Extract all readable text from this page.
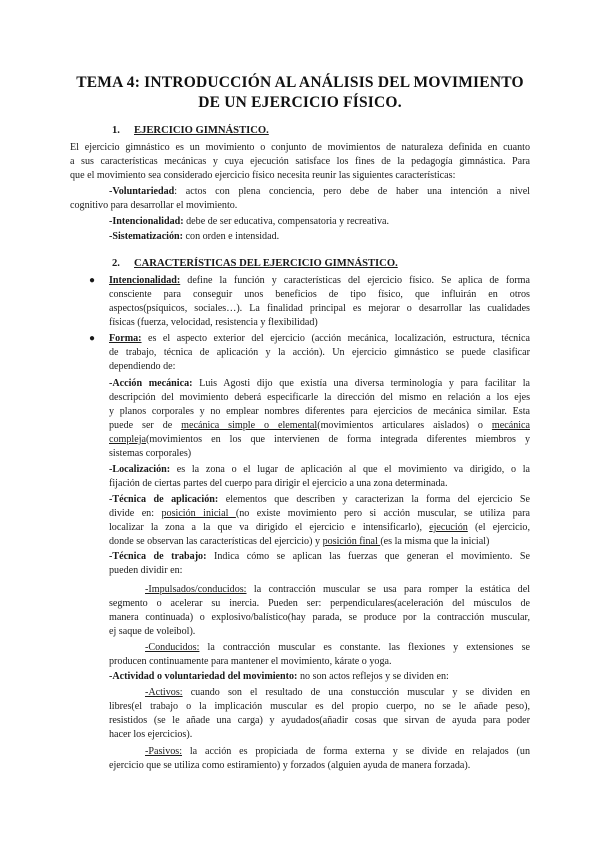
TEMA 4: INTRODUCCIÓN AL ANÁLISIS DEL MOVIMIENTO
DE UN EJERCICIO FÍSICO.
1. EJERCICIO GIMNÁSTICO.
El ejercicio gimnástico es un movimiento o conjunto de movimientos de naturaleza definida en cuanto
a sus características mecánicas y cuya ejecución satisface los fines de la pedagogía gimnástica. Para
que el movimiento sea considerado ejercicio físico necesita reunir las siguientes características:
-Voluntariedad: actos con plena conciencia, pero debe de haber una intención a nivel
cognitivo para desarrollar el movimiento.
-Intencionalidad: debe de ser educativa, compensatoria y recreativa.
-Sistematización: con orden e intensidad.
2. CARACTERÍSTICAS DEL EJERCICIO GIMNÁSTICO.
● Intencionalidad: define la función y características del ejercicio físico. Se aplica de forma
consciente para conseguir unos beneficios de tipo físico, que influirán en otros
aspectos(psíquicos, sociales…). La finalidad principal es mejorar o desarrollar las cualidades
físicas (fuerza, velocidad, resistencia y flexibilidad)
● Forma: es el aspecto exterior del ejercicio (acción mecánica, localización, estructura, técnica
de trabajo, técnica de aplicación y la acción). Un ejercicio gimnástico se puede clasificar
dependiendo de:
-Acción mecánica: Luis Agosti dijo que existía una diversa terminología y para facilitar la
descripción del movimiento deberá especificarle la dirección del mismo en relación a los ejes
y planos corporales y no emplear nombres diferentes para ejercicios de mecánica similar. Esta
puede ser de mecánica simple o elemental(movimientos articulares aislados) o mecánica
compleja(movimientos en los que intervienen de forma integrada diferentes miembros y
sistemas corporales)
-Localización: es la zona o el lugar de aplicación al que el movimiento va dirigido, o la
fijación de ciertas partes del cuerpo para dirigir el ejercicio a una zona determinada.
-Técnica de aplicación: elementos que describen y caracterizan la forma del ejercicio Se
divide en: posición inicial (no existe movimiento pero si acción muscular, se utiliza para
localizar la zona a la que va dirigido el ejercicio e intensificarlo), ejecución (el ejercicio,
donde se observan las características del ejercicio) y posición final (es la misma que la inicial)
-Técnica de trabajo: Indica cómo se aplican las fuerzas que generan el movimiento. Se
pueden dividir en:
-Impulsados/conducidos: la contracción muscular se usa para romper la estática del
segmento o acelerar su inercia. Pueden ser: perpendiculares(aceleración del músculos de
manera continuada) o explosivo/balístico(hay parada, se produce por la contracción muscular,
ej saque de voleibol).
-Conducidos: la contracción muscular es constante. las flexiones y extensiones se
producen continuamente para mantener el movimiento, kárate o yoga.
-Actividad o voluntariedad del movimiento: no son actos reflejos y se dividen en:
-Activos: cuando son el resultado de una constucción muscular y se dividen en
libres(el trabajo o la implicación muscular es del propio cuerpo, no se le añade peso),
resistidos (se le añade una carga) y ayudados(añadir cosas que sirvan de ayuda para poder
hacer los ejercicios).
-Pasivos: la acción es propiciada de forma externa y se divide en relajados (un
ejercicio que se utiliza como estiramiento) y forzados (alguien ayuda de manera forzada).
